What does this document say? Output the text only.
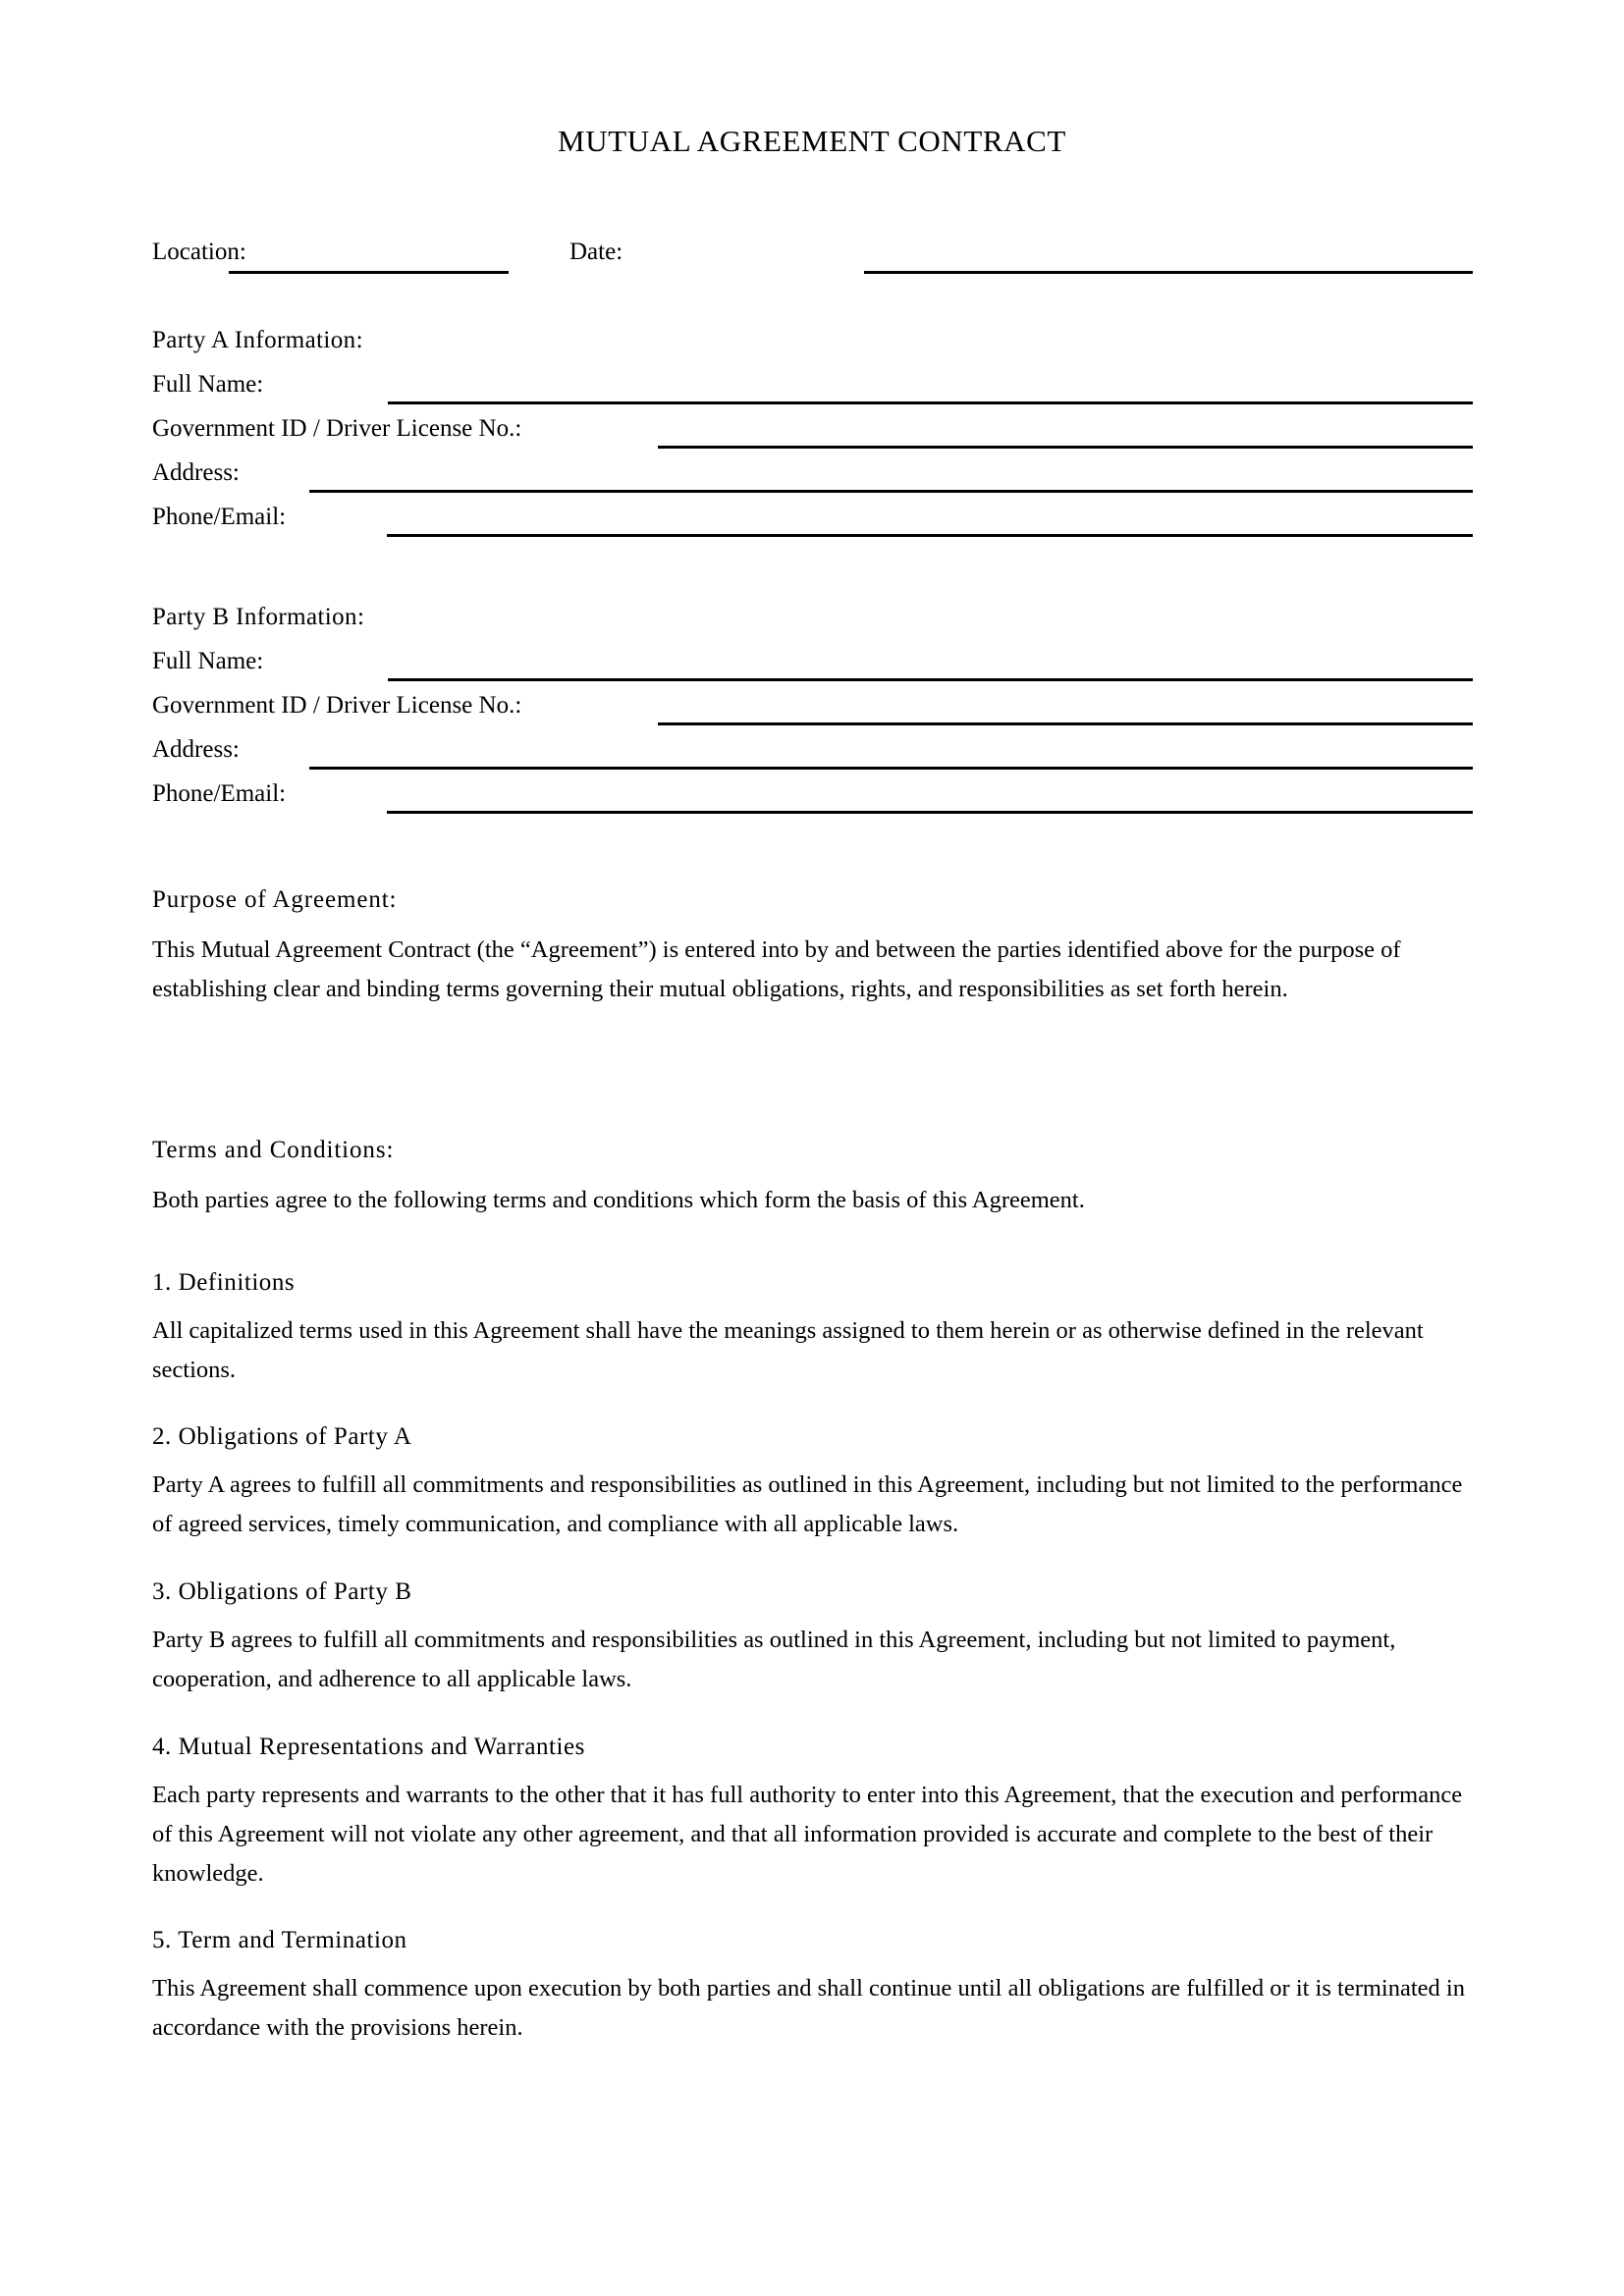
MUTUAL AGREEMENT CONTRACT
Location:	Date:
Party A Information:
Full Name:
Government ID / Driver License No.:
Address:
Phone/Email:
Party B Information:
Full Name:
Government ID / Driver License No.:
Address:
Phone/Email:
Purpose of Agreement:

This Mutual Agreement Contract (the “Agreement”) is entered into by and between the parties identified above for the purpose of establishing clear and binding terms governing their mutual obligations, rights, and responsibilities as set forth herein.

Terms and Conditions:

Both parties agree to the following terms and conditions which form the basis of this Agreement.

1. Definitions

All capitalized terms used in this Agreement shall have the meanings assigned to them herein or as otherwise defined in the relevant sections.

2. Obligations of Party A

Party A agrees to fulfill all commitments and responsibilities as outlined in this Agreement, including but not limited to the performance of agreed services, timely communication, and compliance with all applicable laws.

3. Obligations of Party B

Party B agrees to fulfill all commitments and responsibilities as outlined in this Agreement, including but not limited to payment, cooperation, and adherence to all applicable laws.

4. Mutual Representations and Warranties

Each party represents and warrants to the other that it has full authority to enter into this Agreement, that the execution and performance of this Agreement will not violate any other agreement, and that all information provided is accurate and complete to the best of their knowledge.

5. Term and Termination

This Agreement shall commence upon execution by both parties and shall continue until all obligations are fulfilled or it is terminated in accordance with the provisions herein.
